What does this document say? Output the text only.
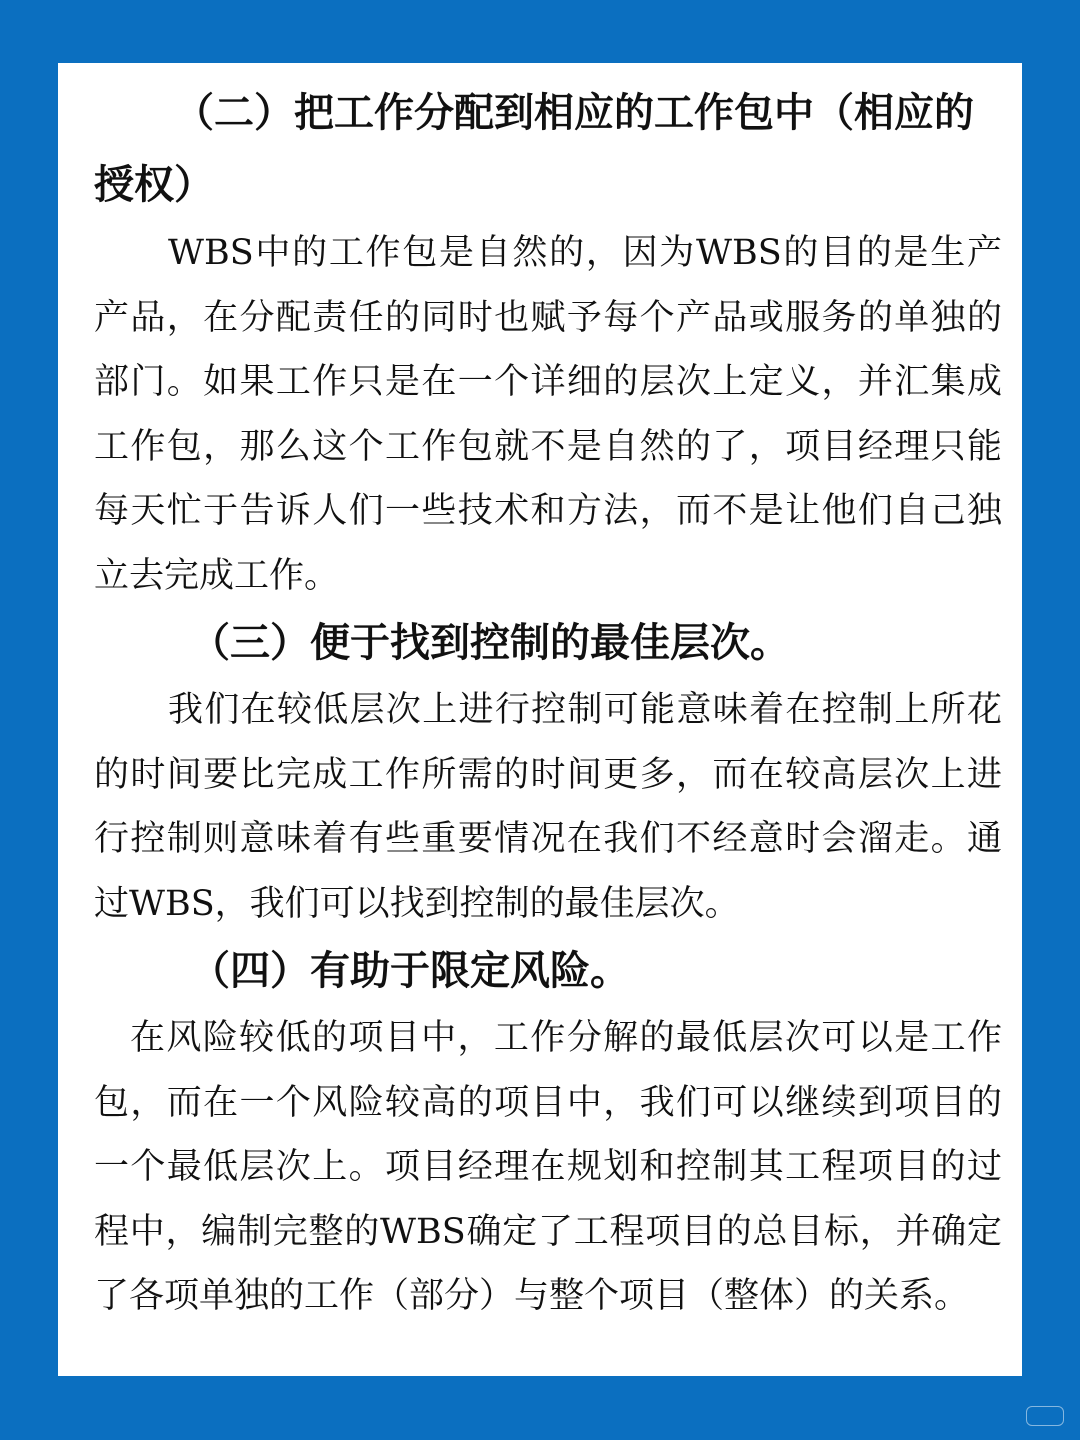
（二）把工作分配到相应的工作包中（相应的授权）

WBS中的工作包是自然的，因为WBS的目的是生产产品，在分配责任的同时也赋予每个产品或服务的单独的部门。如果工作只是在一个详细的层次上定义，并汇集成工作包，那么这个工作包就不是自然的了，项目经理只能每天忙于告诉人们一些技术和方法，而不是让他们自己独立去完成工作。

（三）便于找到控制的最佳层次。

我们在较低层次上进行控制可能意味着在控制上所花的时间要比完成工作所需的时间更多，而在较高层次上进行控制则意味着有些重要情况在我们不经意时会溜走。通过WBS，我们可以找到控制的最佳层次。

（四）有助于限定风险。

在风险较低的项目中，工作分解的最低层次可以是工作包，而在一个风险较高的项目中，我们可以继续到项目的一个最低层次上。项目经理在规划和控制其工程项目的过程中，编制完整的WBS确定了工程项目的总目标，并确定了各项单独的工作（部分）与整个项目（整体）的关系。
